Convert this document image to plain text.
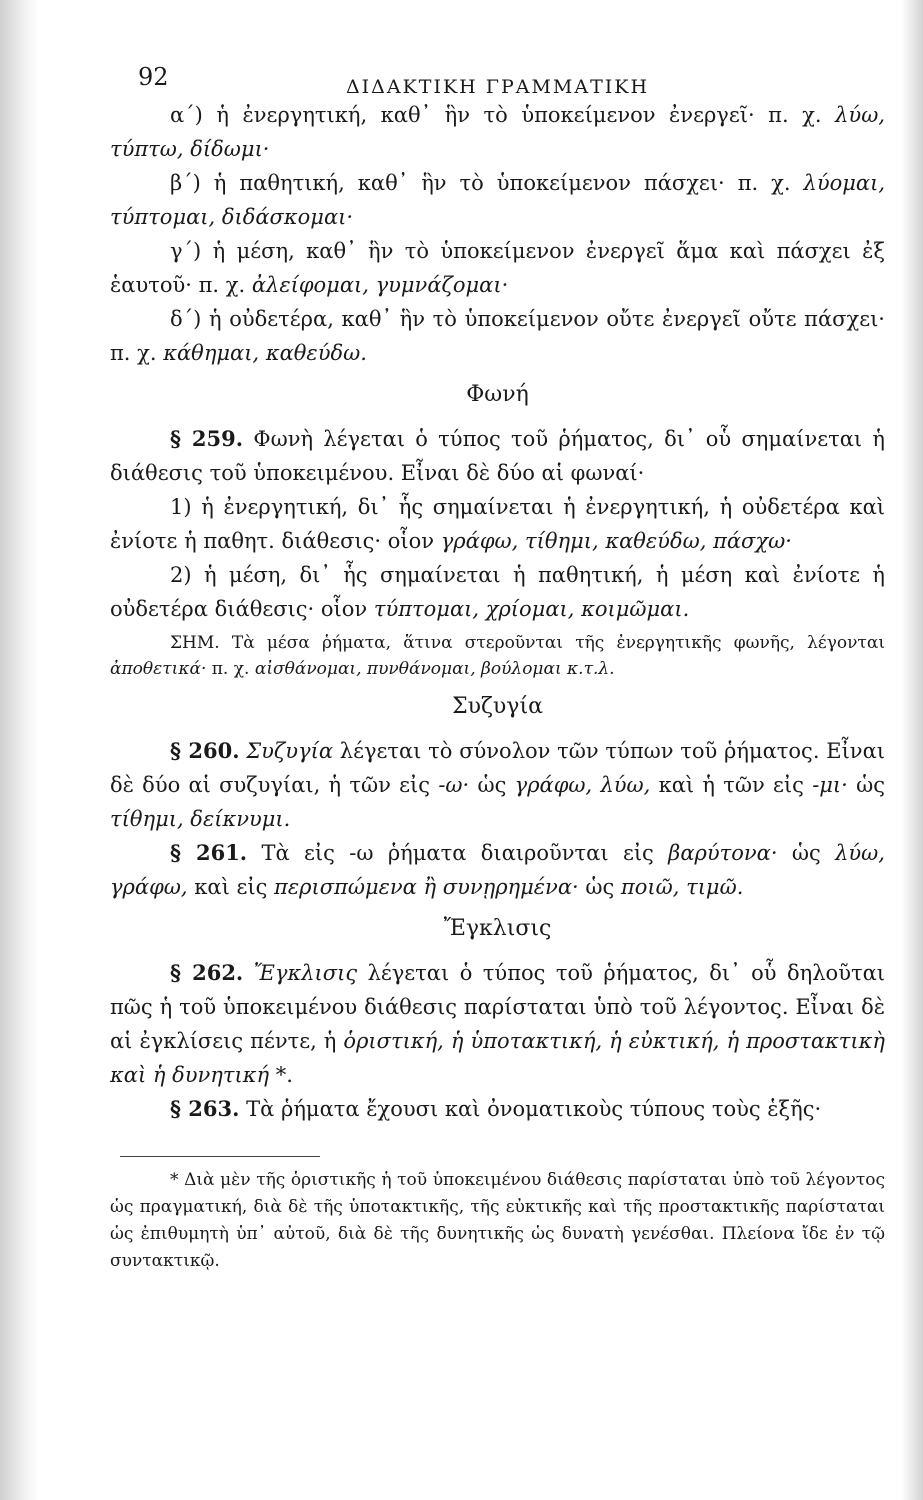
92	ΔΙΔΑΚΤΙΚΗ ΓΡΑΜΜΑΤΙΚΗ

α΄) ἡ ἐνεργητική, καθ᾽ ἣν τὸ ὑποκείμενον ἐνεργεῖ· π. χ. λύω, τύπτω, δίδωμι·

β΄) ἡ παθητική, καθ᾽ ἣν τὸ ὑποκείμενον πάσχει· π. χ. λύομαι, τύπτομαι, διδάσκομαι·

γ΄) ἡ μέση, καθ᾽ ἣν τὸ ὑποκείμενον ἐνεργεῖ ἅμα καὶ πάσχει ἐξ ἑαυτοῦ· π. χ. ἀλείφομαι, γυμνάζομαι·

δ΄) ἡ οὐδετέρα, καθ᾽ ἣν τὸ ὑποκείμενον οὔτε ἐνεργεῖ οὔτε πάσχει· π. χ. κάθημαι, καθεύδω.

Φωνή

§ 259. Φωνὴ λέγεται ὁ τύπος τοῦ ῥήματος, δι᾽ οὗ σημαίνεται ἡ διάθεσις τοῦ ὑποκειμένου. Εἶναι δὲ δύο αἱ φωναί·

1) ἡ ἐνεργητική, δι᾽ ἧς σημαίνεται ἡ ἐνεργητική, ἡ οὐδετέρα καὶ ἐνίοτε ἡ παθητ. διάθεσις· οἷον γράφω, τίθημι, καθεύδω, πάσχω·

2) ἡ μέση, δι᾽ ἧς σημαίνεται ἡ παθητική, ἡ μέση καὶ ἐνίοτε ἡ οὐδετέρα διάθεσις· οἷον τύπτομαι, χρίομαι, κοιμῶμαι.

ΣΗΜ. Τὰ μέσα ῥήματα, ἅτινα στεροῦνται τῆς ἐνεργητικῆς φωνῆς, λέγονται ἀποθετικά· π. χ. αἰσθάνομαι, πυνθάνομαι, βούλομαι κ.τ.λ.

Συζυγία

§ 260. Συζυγία λέγεται τὸ σύνολον τῶν τύπων τοῦ ῥήματος. Εἶναι δὲ δύο αἱ συζυγίαι, ἡ τῶν εἰς -ω· ὡς γράφω, λύω, καὶ ἡ τῶν εἰς -μι· ὡς τίθημι, δείκνυμι.

§ 261. Τὰ εἰς -ω ῥήματα διαιροῦνται εἰς βαρύτονα· ὡς λύω, γράφω, καὶ εἰς περισπώμενα ἢ συνῃρημένα· ὡς ποιῶ, τιμῶ.

Ἔγκλισις

§ 262. Ἔγκλισις λέγεται ὁ τύπος τοῦ ῥήματος, δι᾽ οὗ δηλοῦται πῶς ἡ τοῦ ὑποκειμένου διάθεσις παρίσταται ὑπὸ τοῦ λέγοντος. Εἶναι δὲ αἱ ἐγκλίσεις πέντε, ἡ ὁριστική, ἡ ὑποτακτική, ἡ εὐκτική, ἡ προστακτικὴ καὶ ἡ δυνητική *.

§ 263. Τὰ ῥήματα ἔχουσι καὶ ὀνοματικοὺς τύπους τοὺς ἑξῆς·

* Διὰ μὲν τῆς ὁριστικῆς ἡ τοῦ ὑποκειμένου διάθεσις παρίσταται ὑπὸ τοῦ λέγοντος ὡς πραγματική, διὰ δὲ τῆς ὑποτακτικῆς, τῆς εὐκτικῆς καὶ τῆς προστακτικῆς παρίσταται ὡς ἐπιθυμητὴ ὑπ᾽ αὐτοῦ, διὰ δὲ τῆς δυνητικῆς ὡς δυνατὴ γενέσθαι. Πλείονα ἴδε ἐν τῷ συντακτικῷ.
